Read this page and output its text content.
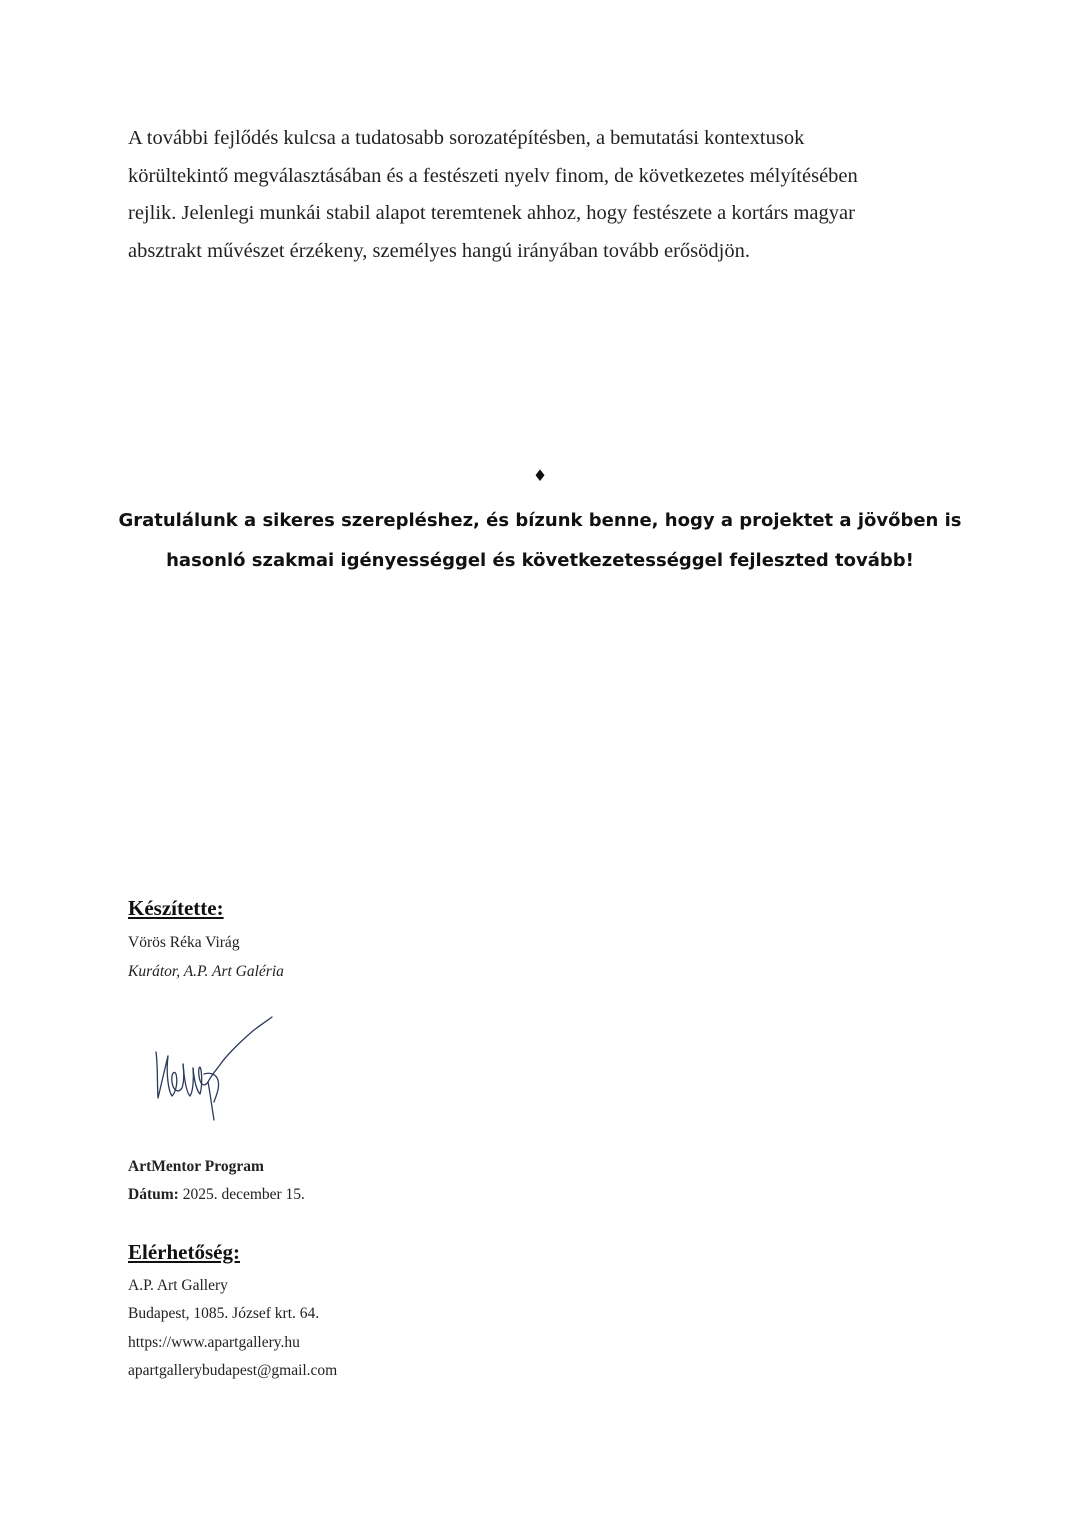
A további fejlődés kulcsa a tudatosabb sorozatépítésben, a bemutatási kontextusok
körültekintő megválasztásában és a festészeti nyelv finom, de következetes mélyítésében
rejlik. Jelenlegi munkái stabil alapot teremtenek ahhoz, hogy festészete a kortárs magyar
absztrakt művészet érzékeny, személyes hangú irányában tovább erősödjön.

♦
Gratulálunk a sikeres szerepléshez, és bízunk benne, hogy a projektet a jövőben is
hasonló szakmai igényességgel és következetességgel fejleszted tovább!
Készítette:
Vörös Réka Virág
Kurátor, A.P. Art Galéria
ArtMentor Program
Dátum: 2025. december 15.
Elérhetőség:
A.P. Art Gallery
Budapest, 1085. József krt. 64.
https://www.apartgallery.hu
apartgallerybudapest@gmail.com
